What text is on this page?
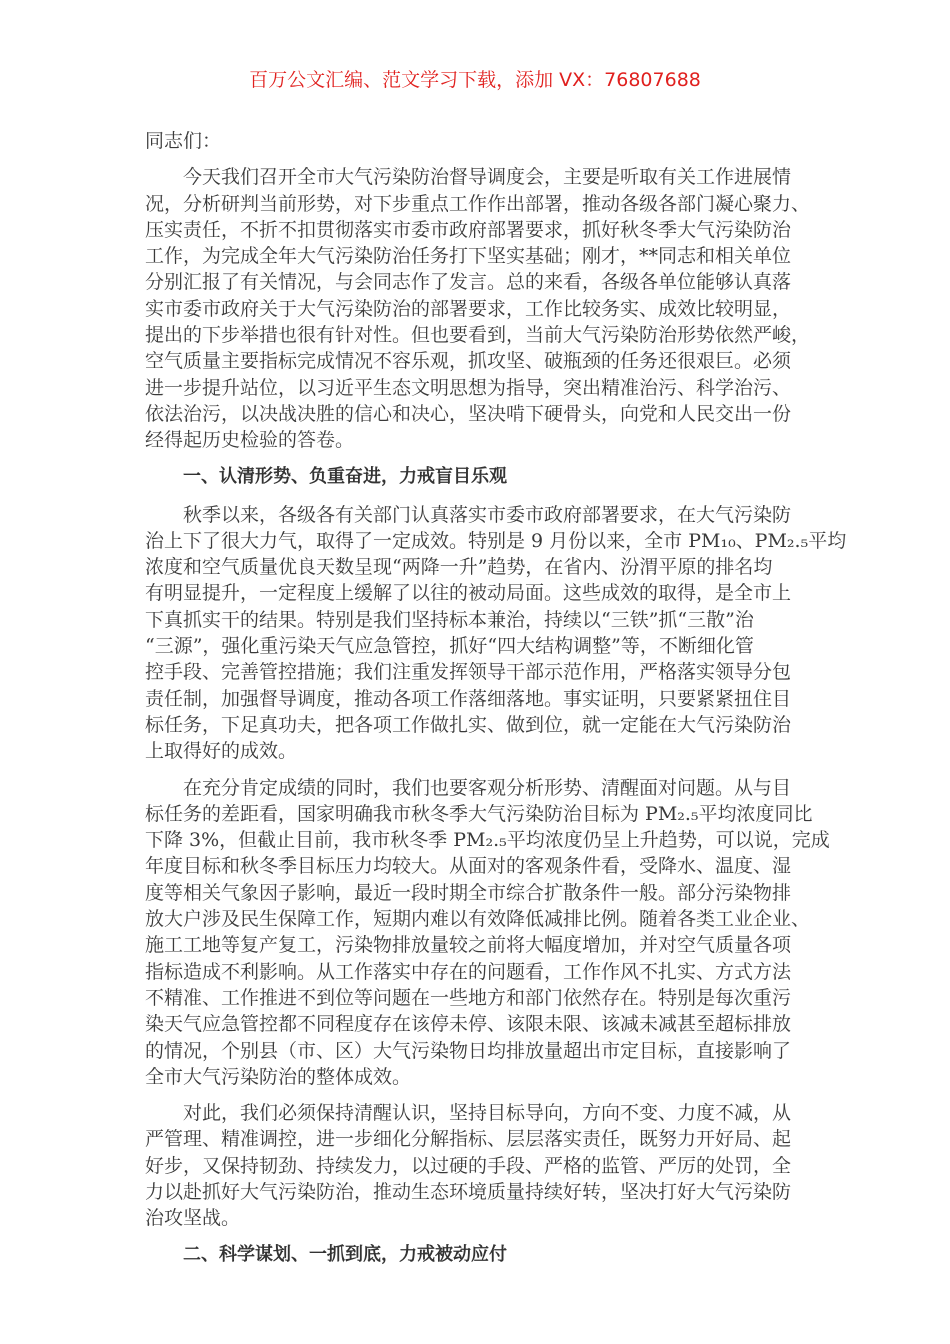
百万公文汇编、范文学习下载，添加 VX：76807688
同志们：
今天我们召开全市大气污染防治督导调度会，主要是听取有关工作进展情
况，分析研判当前形势，对下步重点工作作出部署，推动各级各部门凝心聚力、
压实责任，不折不扣贯彻落实市委市政府部署要求，抓好秋冬季大气污染防治
工作，为完成全年大气污染防治任务打下坚实基础；刚才，**同志和相关单位
分别汇报了有关情况，与会同志作了发言。总的来看，各级各单位能够认真落
实市委市政府关于大气污染防治的部署要求，工作比较务实、成效比较明显，
提出的下步举措也很有针对性。但也要看到，当前大气污染防治形势依然严峻，
空气质量主要指标完成情况不容乐观，抓攻坚、破瓶颈的任务还很艰巨。必须
进一步提升站位，以习近平生态文明思想为指导，突出精准治污、科学治污、
依法治污，以决战决胜的信心和决心，坚决啃下硬骨头，向党和人民交出一份
经得起历史检验的答卷。
一、认清形势、负重奋进，力戒盲目乐观
秋季以来，各级各有关部门认真落实市委市政府部署要求，在大气污染防
治上下了很大力气，取得了一定成效。特别是 9 月份以来，全市 PM₁₀、PM₂.₅平均
浓度和空气质量优良天数呈现“两降一升”趋势，在省内、汾渭平原的排名均
有明显提升，一定程度上缓解了以往的被动局面。这些成效的取得，是全市上
下真抓实干的结果。特别是我们坚持标本兼治，持续以“三铁”抓“三散”治
“三源”，强化重污染天气应急管控，抓好“四大结构调整”等，不断细化管
控手段、完善管控措施；我们注重发挥领导干部示范作用，严格落实领导分包
责任制，加强督导调度，推动各项工作落细落地。事实证明，只要紧紧扭住目
标任务，下足真功夫，把各项工作做扎实、做到位，就一定能在大气污染防治
上取得好的成效。
在充分肯定成绩的同时，我们也要客观分析形势、清醒面对问题。从与目
标任务的差距看，国家明确我市秋冬季大气污染防治目标为 PM₂.₅平均浓度同比
下降 3%，但截止目前，我市秋冬季 PM₂.₅平均浓度仍呈上升趋势，可以说，完成
年度目标和秋冬季目标压力均较大。从面对的客观条件看，受降水、温度、湿
度等相关气象因子影响，最近一段时期全市综合扩散条件一般。部分污染物排
放大户涉及民生保障工作，短期内难以有效降低减排比例。随着各类工业企业、
施工工地等复产复工，污染物排放量较之前将大幅度增加，并对空气质量各项
指标造成不利影响。从工作落实中存在的问题看，工作作风不扎实、方式方法
不精准、工作推进不到位等问题在一些地方和部门依然存在。特别是每次重污
染天气应急管控都不同程度存在该停未停、该限未限、该减未减甚至超标排放
的情况，个别县（市、区）大气污染物日均排放量超出市定目标，直接影响了
全市大气污染防治的整体成效。
对此，我们必须保持清醒认识，坚持目标导向，方向不变、力度不减，从
严管理、精准调控，进一步细化分解指标、层层落实责任，既努力开好局、起
好步，又保持韧劲、持续发力，以过硬的手段、严格的监管、严厉的处罚，全
力以赴抓好大气污染防治，推动生态环境质量持续好转，坚决打好大气污染防
治攻坚战。
二、科学谋划、一抓到底，力戒被动应付
